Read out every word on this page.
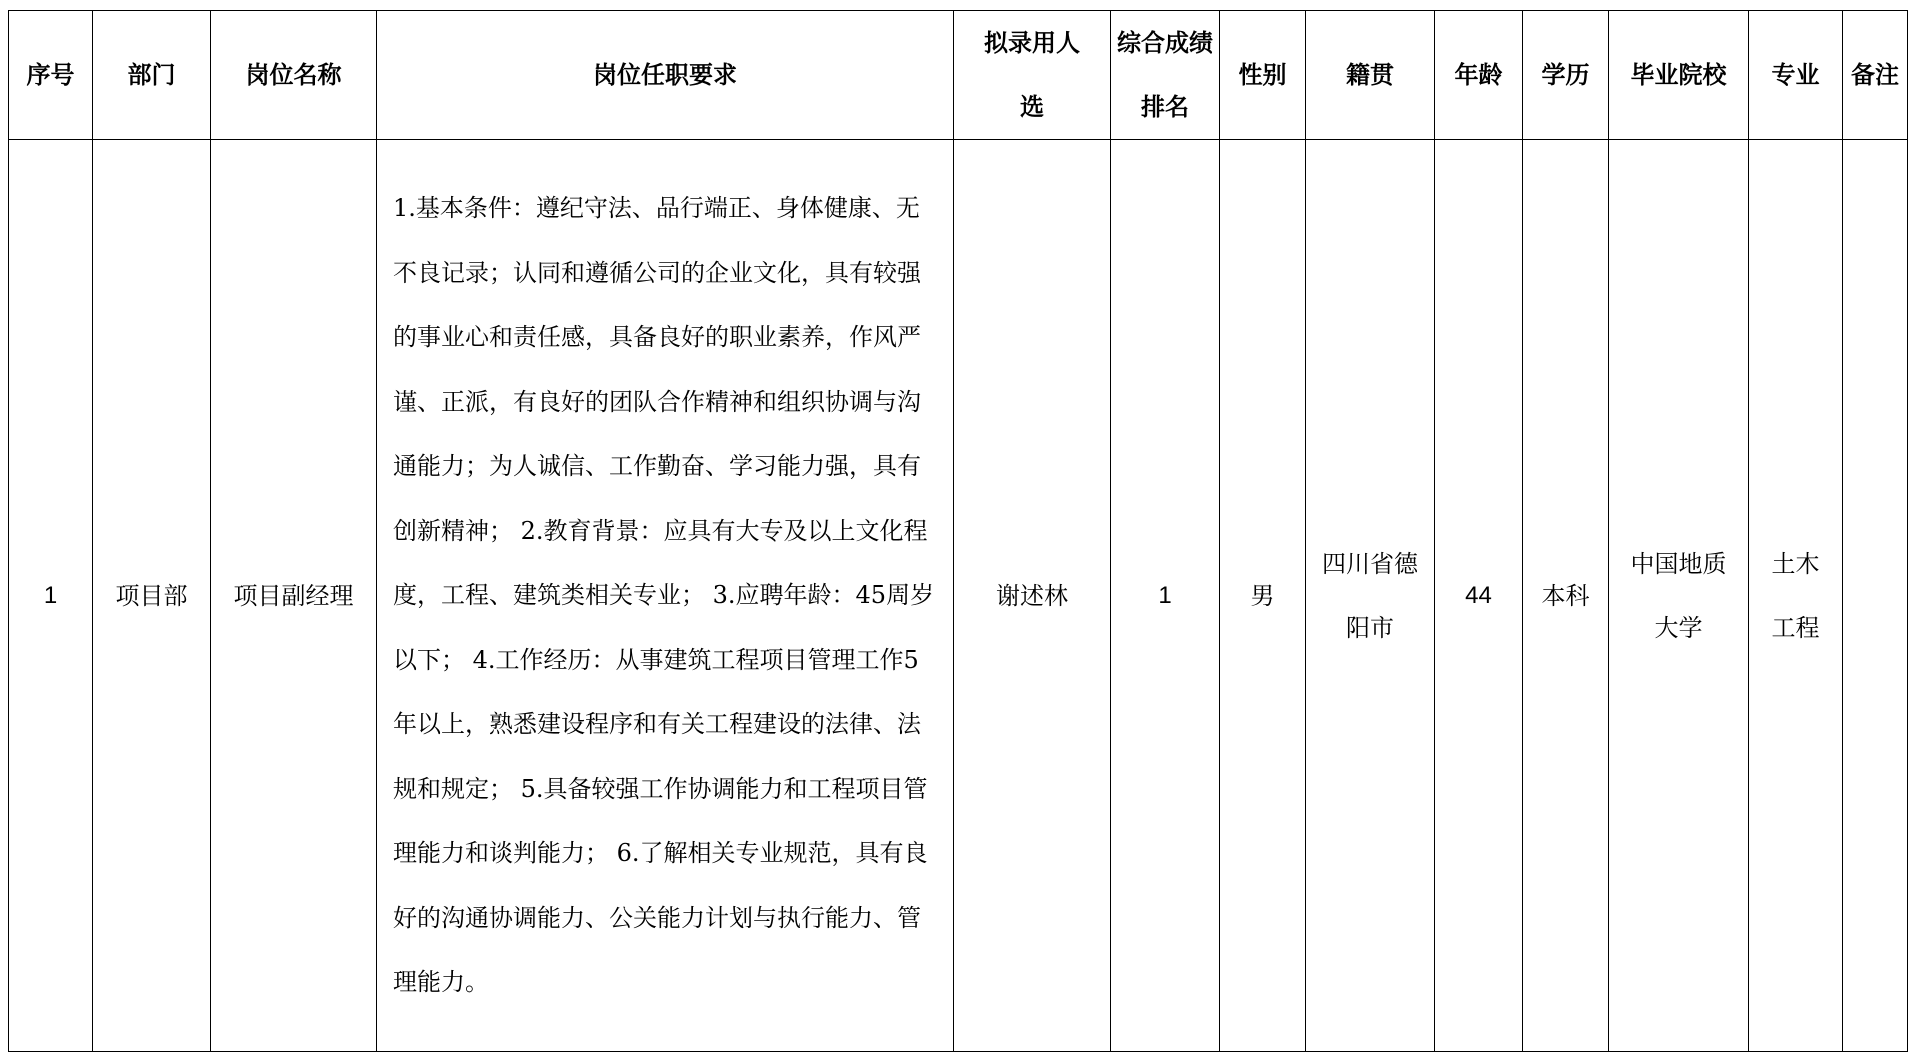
序号	部门	岗位名称	岗位任职要求	拟录用人选	综合成绩排名	性别	籍贯	年龄	学历	毕业院校	专业	备注
1	项目部	项目副经理	1.基本条件：遵纪守法、品行端正、身体健康、无不良记录；认同和遵循公司的企业文化，具有较强的事业心和责任感，具备良好的职业素养，作风严谨、正派，有良好的团队合作精神和组织协调与沟通能力；为人诚信、工作勤奋、学习能力强，具有创新精神； 2.教育背景：应具有大专及以上文化程度，工程、建筑类相关专业； 3.应聘年龄：45周岁以下； 4.工作经历：从事建筑工程项目管理工作5年以上，熟悉建设程序和有关工程建设的法律、法规和规定； 5.具备较强工作协调能力和工程项目管理能力和谈判能力； 6.了解相关专业规范，具有良好的沟通协调能力、公关能力计划与执行能力、管理能力。	谢述林	1	男	四川省德阳市	44	本科	中国地质大学	土木工程	
